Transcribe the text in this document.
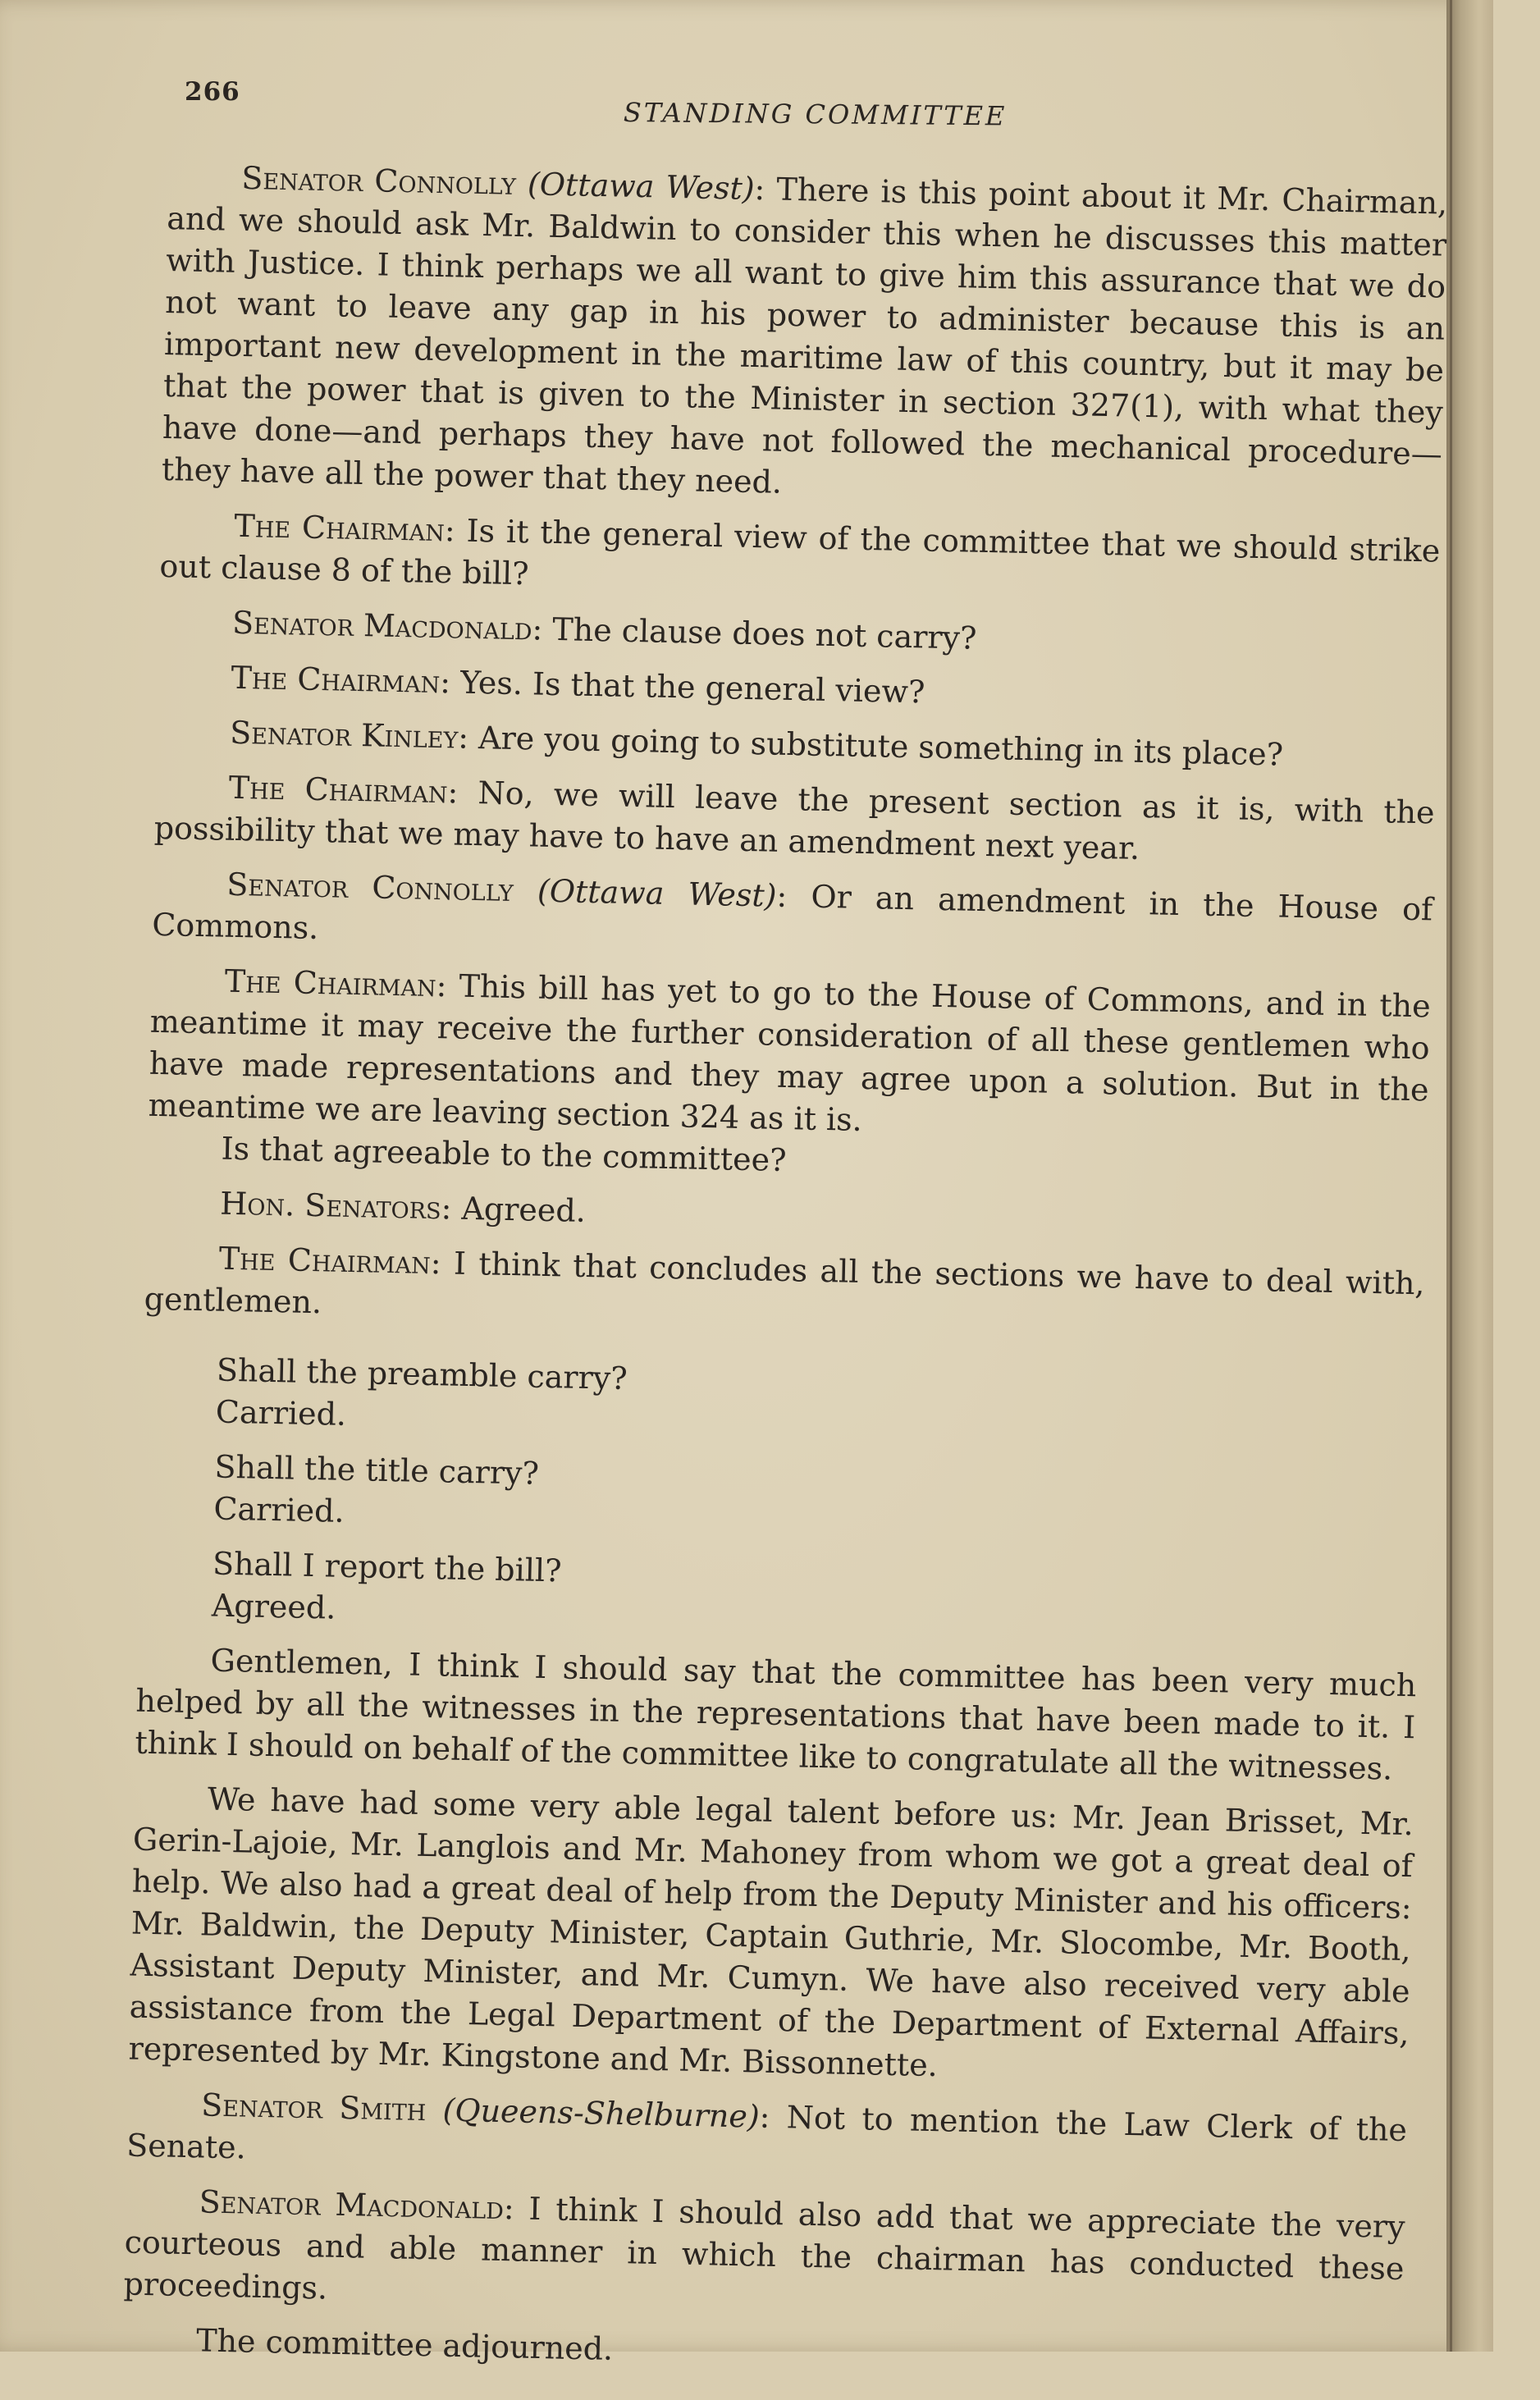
266
STANDING COMMITTEE

Senator Connolly (Ottawa West): There is this point about it Mr. Chairman, and we should ask Mr. Baldwin to consider this when he discusses this matter with Justice. I think perhaps we all want to give him this assurance that we do not want to leave any gap in his power to administer because this is an important new development in the maritime law of this country, but it may be that the power that is given to the Minister in section 327(1), with what they have done—and perhaps they have not followed the mechanical procedure—they have all the power that they need.

The Chairman: Is it the general view of the committee that we should strike out clause 8 of the bill?

Senator Macdonald: The clause does not carry?

The Chairman: Yes. Is that the general view?

Senator Kinley: Are you going to substitute something in its place?

The Chairman: No, we will leave the present section as it is, with the possibility that we may have to have an amendment next year.

Senator Connolly (Ottawa West): Or an amendment in the House of Commons.

The Chairman: This bill has yet to go to the House of Commons, and in the meantime it may receive the further consideration of all these gentlemen who have made representations and they may agree upon a solution. But in the meantime we are leaving section 324 as it is.

Is that agreeable to the committee?

Hon. Senators: Agreed.

The Chairman: I think that concludes all the sections we have to deal with, gentlemen.

Shall the preamble carry?

Carried.

Shall the title carry?

Carried.

Shall I report the bill?

Agreed.

Gentlemen, I think I should say that the committee has been very much helped by all the witnesses in the representations that have been made to it. I think I should on behalf of the committee like to congratulate all the witnesses.

We have had some very able legal talent before us: Mr. Jean Brisset, Mr. Gerin-Lajoie, Mr. Langlois and Mr. Mahoney from whom we got a great deal of help. We also had a great deal of help from the Deputy Minister and his officers: Mr. Baldwin, the Deputy Minister, Captain Guthrie, Mr. Slocombe, Mr. Booth, Assistant Deputy Minister, and Mr. Cumyn. We have also received very able assistance from the Legal Department of the Department of External Affairs, represented by Mr. Kingstone and Mr. Bissonnette.

Senator Smith (Queens-Shelburne): Not to mention the Law Clerk of the Senate.

Senator Macdonald: I think I should also add that we appreciate the very courteous and able manner in which the chairman has conducted these proceedings.

The committee adjourned.
